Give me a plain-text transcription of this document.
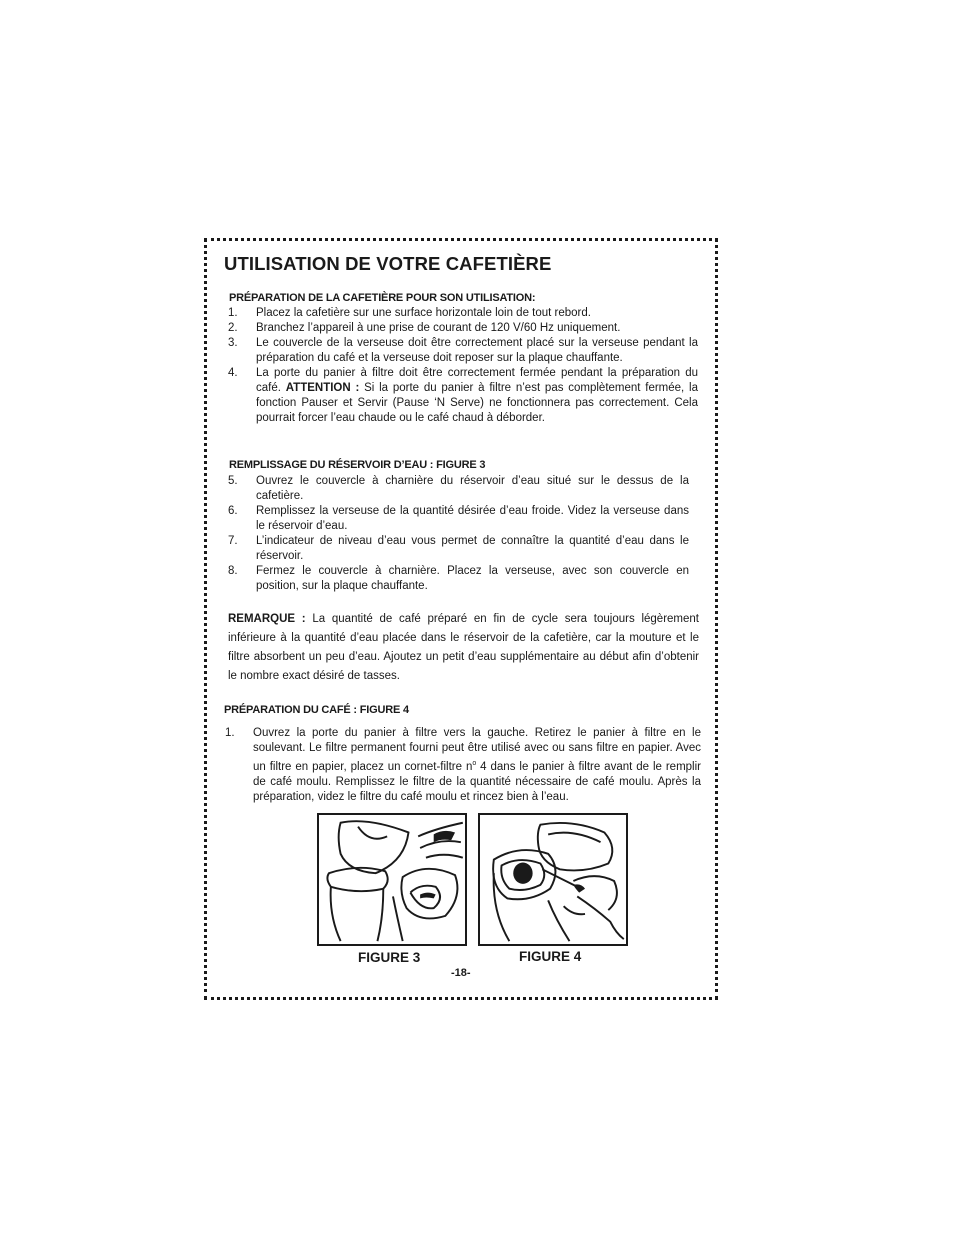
UTILISATION DE VOTRE CAFETIÈRE

PRÉPARATION DE LA CAFETIÈRE POUR SON UTILISATION:

1. Placez la cafetière sur une surface horizontale loin de tout rebord.
2. Branchez l’appareil à une prise de courant de 120 V/60 Hz uniquement.
3. Le couvercle de la verseuse doit être correctement placé sur la verseuse pendant la préparation du café et la verseuse doit reposer sur la plaque chauffante.
4. La porte du panier à filtre doit être correctement fermée pendant la préparation du café. ATTENTION : Si la porte du panier à filtre n’est pas complètement fermée, la fonction Pauser et Servir (Pause ‘N Serve) ne fonctionnera pas correctement. Cela pourrait forcer l’eau chaude ou le café chaud à déborder.

REMPLISSAGE DU RÉSERVOIR D’EAU : FIGURE 3

5. Ouvrez le couvercle à charnière du réservoir d’eau situé sur le dessus de la cafetière.
6. Remplissez la verseuse de la quantité désirée d’eau froide. Videz la verseuse dans le réservoir d’eau.
7. L’indicateur de niveau d’eau vous permet de connaître la quantité d’eau dans le réservoir.
8. Fermez le couvercle à charnière. Placez la verseuse, avec son couvercle en position, sur la plaque chauffante.

REMARQUE : La quantité de café préparé en fin de cycle sera toujours légèrement inférieure à la quantité d’eau placée dans le réservoir de la cafetière, car la mouture et le filtre absorbent un peu d’eau. Ajoutez un petit d’eau supplémentaire au début afin d’obtenir le nombre exact désiré de tasses.

PRÉPARATION DU CAFÉ : FIGURE 4

1. Ouvrez la porte du panier à filtre vers la gauche. Retirez le panier à filtre en le soulevant. Le filtre permanent fourni peut être utilisé avec ou sans filtre en papier. Avec un filtre en papier, placez un cornet-filtre $n^o$ 4 dans le panier à filtre avant de le remplir de café moulu. Remplissez le filtre de la quantité nécessaire de café moulu. Après la préparation, videz le filtre du café moulu et rincez bien à l’eau.

FIGURE 3	FIGURE 4

-18-
